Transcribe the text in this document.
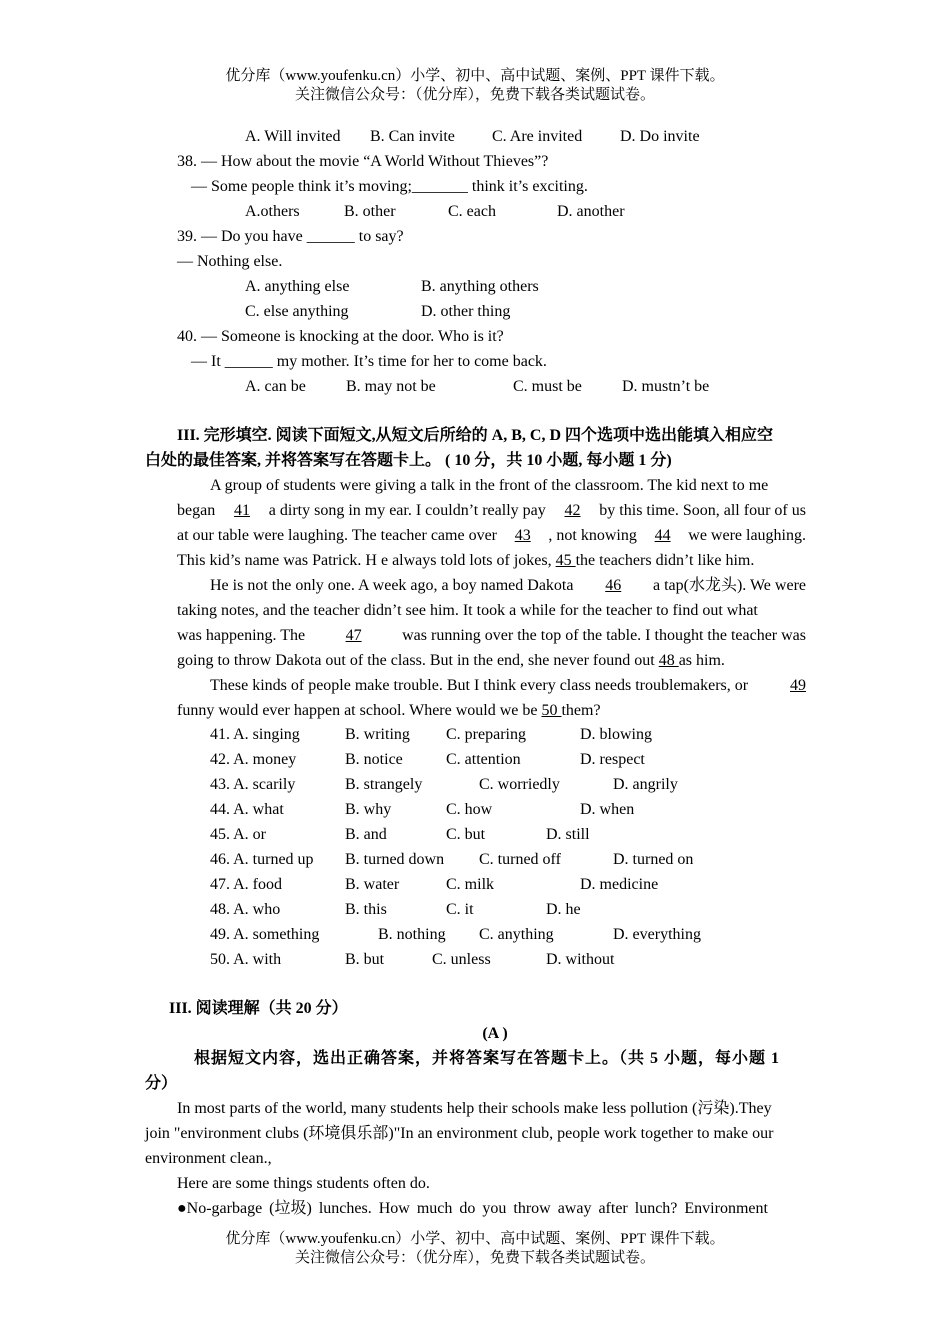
优分库（www.youfenku.cn）小学、初中、高中试题、案例、PPT 课件下载。
关注微信公众号：（优分库），免费下载各类试题试卷。
A. Will invited B. Can invite C. Are invited D. Do invite
38. — How about the movie “A World Without Thieves”?
— Some people think it’s moving;_______ think it’s exciting.
A.others	B. other	C. each	D. another
39. — Do you have ______ to say?
— Nothing else.
A. anything else	B. anything others
C. else anything	D. other thing
40. — Someone is knocking at the door. Who is it?
— It ______ my mother. It’s time for her to come back.
A. can be	B. may not be	C. must be	D. mustn’t be
III. 完形填空. 阅读下面短文,从短文后所给的 A, B, C, D 四个选项中选出能填入相应空
白处的最佳答案, 并将答案写在答题卡上。 ( 10 分，共 10 小题, 每小题 1 分)
A group of students were giving a talk in the front of the classroom. The kid next to me
began 41 a dirty song in my ear. I couldn’t really pay 42 by this time. Soon, all four of us
at our table were laughing. The teacher came over 43 , not knowing 44 we were laughing.
This kid’s name was Patrick. H e always told lots of jokes, 45 the teachers didn’t like him.
He is not the only one. A week ago, a boy named Dakota 46 a tap(水龙头). We were
taking notes, and the teacher didn’t see him. It took a while for the teacher to find out what
was happening. The	47	was running over the top of the table. I thought the teacher was
going to throw Dakota out of the class. But in the end, she never found out 48 as him.
These kinds of people make trouble. But I think every class needs troublemakers, or	49
funny would ever happen at school. Where would we be 50 them?
41. A. singing	B. writing C. preparing	D. blowing
42. A. money	B. notice	C. attention	D. respect
43. A. scarily	B. strangely	C. worriedly	D. angrily
44. A. what	B. why	C. how	D. when
45. A. or	B. and	C. but	D. still
46. A. turned up B. turned down C. turned off	D. turned on
47. A. food	B. water	C. milk	D. medicine
48. A. who	B. this	C. it	D. he
49. A. something	B. nothing C. anything	D. everything
50. A. with	B. but	C. unless	D. without
III. 阅读理解（共 20 分）
(A )
根据短文内容，选出正确答案，并将答案写在答题卡上。（共 5 小题，每小题 1
分）
In most parts of the world, many students help their schools make less pollution (污染).They
join "environment clubs (环境俱乐部)"In an environment club, people work together to make our
environment clean.,
Here are some things students often do.
●No-garbage (垃圾) lunches. How much do you throw away after lunch? Environment
优分库（www.youfenku.cn）小学、初中、高中试题、案例、PPT 课件下载。
关注微信公众号：（优分库），免费下载各类试题试卷。
